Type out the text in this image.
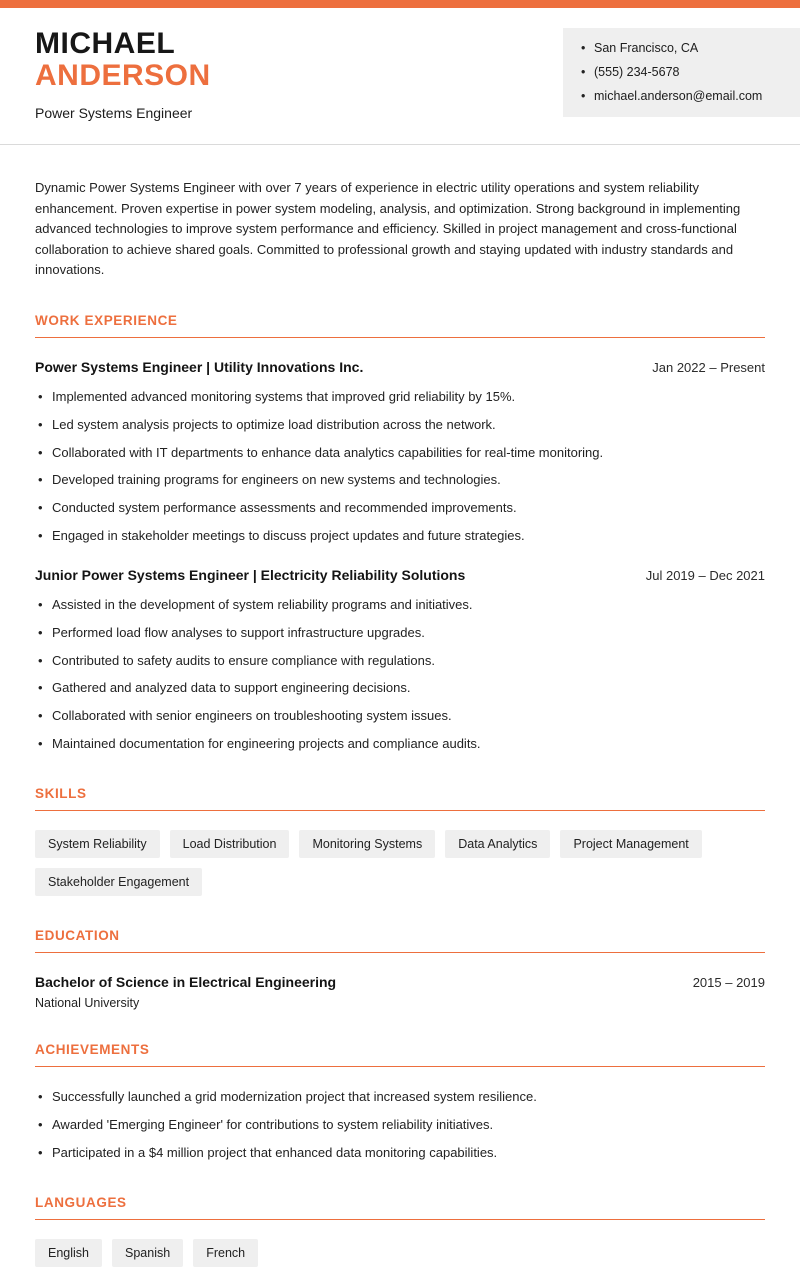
MICHAEL
ANDERSON
Power Systems Engineer
• San Francisco, CA
• (555) 234-5678
• michael.anderson@email.com

Dynamic Power Systems Engineer with over 7 years of experience in electric utility operations and system reliability enhancement. Proven expertise in power system modeling, analysis, and optimization. Strong background in implementing advanced technologies to improve system performance and efficiency. Skilled in project management and cross-functional collaboration to achieve shared goals. Committed to professional growth and staying updated with industry standards and innovations.

WORK EXPERIENCE
Power Systems Engineer | Utility Innovations Inc.	Jan 2022 – Present
• Implemented advanced monitoring systems that improved grid reliability by 15%.
• Led system analysis projects to optimize load distribution across the network.
• Collaborated with IT departments to enhance data analytics capabilities for real-time monitoring.
• Developed training programs for engineers on new systems and technologies.
• Conducted system performance assessments and recommended improvements.
• Engaged in stakeholder meetings to discuss project updates and future strategies.
Junior Power Systems Engineer | Electricity Reliability Solutions	Jul 2019 – Dec 2021
• Assisted in the development of system reliability programs and initiatives.
• Performed load flow analyses to support infrastructure upgrades.
• Contributed to safety audits to ensure compliance with regulations.
• Gathered and analyzed data to support engineering decisions.
• Collaborated with senior engineers on troubleshooting system issues.
• Maintained documentation for engineering projects and compliance audits.
SKILLS
System Reliability	Load Distribution	Monitoring Systems	Data Analytics	Project Management
Stakeholder Engagement
EDUCATION
Bachelor of Science in Electrical Engineering	2015 – 2019
National University
ACHIEVEMENTS
• Successfully launched a grid modernization project that increased system resilience.
• Awarded 'Emerging Engineer' for contributions to system reliability initiatives.
• Participated in a $4 million project that enhanced data monitoring capabilities.
LANGUAGES
English	Spanish	French
